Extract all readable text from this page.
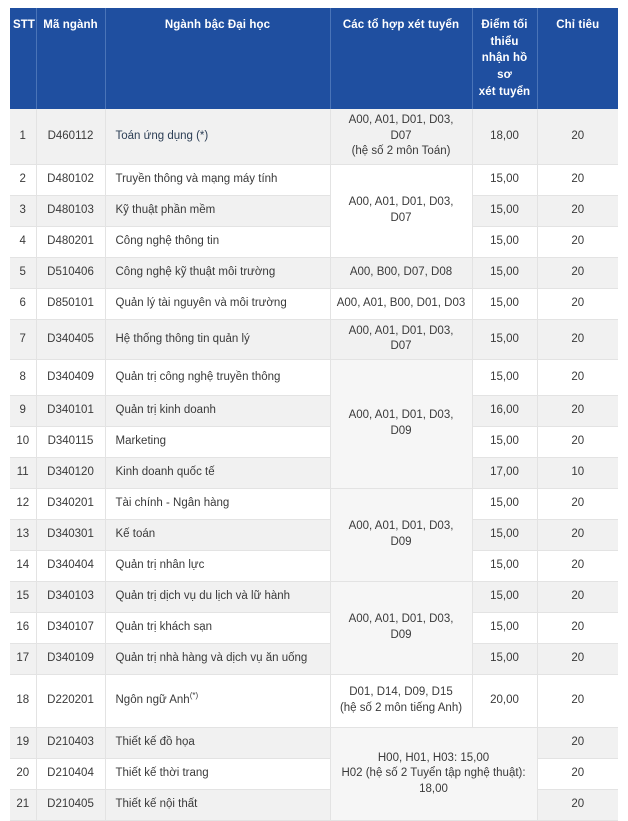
STT	Mã ngành	Ngành bậc Đại học	Các tổ hợp xét tuyển	Điểm tối thiểu
nhận hồ sơ
xét tuyển	Chỉ tiêu
1	D460112	Toán ứng dụng (*)	A00, A01, D01, D03, D07
(hệ số 2 môn Toán)	18,00	20
2	D480102	Truyền thông và mạng máy tính	A00, A01, D01, D03, D07	15,00	20
3	D480103	Kỹ thuật phần mềm		15,00	20
4	D480201	Công nghệ thông tin		15,00	20
5	D510406	Công nghệ kỹ thuật môi trường	A00, B00, D07, D08	15,00	20
6	D850101	Quản lý tài nguyên và môi trường	A00, A01, B00, D01, D03	15,00	20
7	D340405	Hệ thống thông tin quản lý	A00, A01, D01, D03, D07	15,00	20
8	D340409	Quản trị công nghệ truyền thông	A00, A01, D01, D03, D09	15,00	20
9	D340101	Quản trị kinh doanh		16,00	20
10	D340115	Marketing		15,00	20
11	D340120	Kinh doanh quốc tế		17,00	10
12	D340201	Tài chính - Ngân hàng	A00, A01, D01, D03, D09	15,00	20
13	D340301	Kế toán		15,00	20
14	D340404	Quản trị nhân lực		15,00	20
15	D340103	Quản trị dịch vụ du lịch và lữ hành	A00, A01, D01, D03, D09	15,00	20
16	D340107	Quản trị khách sạn		15,00	20
17	D340109	Quản trị nhà hàng và dịch vụ ăn uống		15,00	20
18	D220201	Ngôn ngữ Anh(*)	D01, D14, D09, D15
(hệ số 2 môn tiếng Anh)	20,00	20
19	D210403	Thiết kế đồ họa	H00, H01, H03: 15,00
H02 (hệ số 2 Tuyển tập nghệ thuật): 18,00		20
20	D210404	Thiết kế thời trang			20
21	D210405	Thiết kế nội thất			20
